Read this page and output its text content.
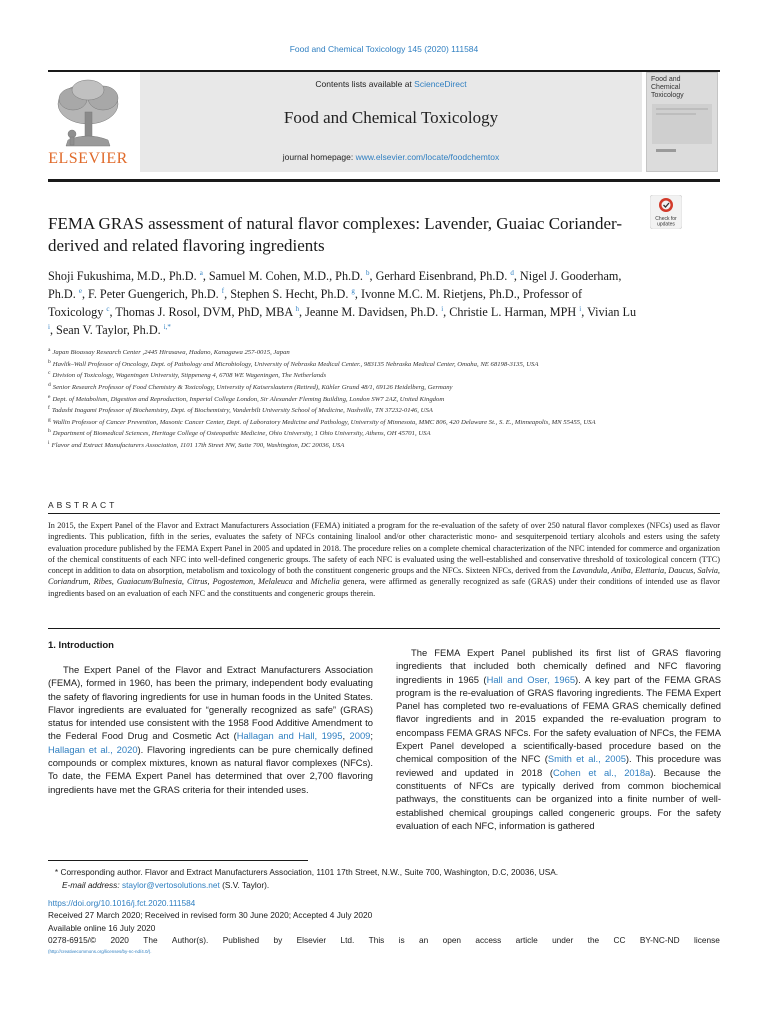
Food and Chemical Toxicology 145 (2020) 111584
ELSEVIER
Contents lists available at ScienceDirect
Food and Chemical Toxicology
journal homepage: www.elsevier.com/locate/foodchemtox
Food and Chemical Toxicology
Check for
updates
FEMA GRAS assessment of natural flavor complexes: Lavender, Guaiac Coriander-derived and related flavoring ingredients
Shoji Fukushima, M.D., Ph.D. $^a$, Samuel M. Cohen, M.D., Ph.D. $^b$, Gerhard Eisenbrand, Ph.D. $^d$, Nigel J. Gooderham, Ph.D. $^e$, F. Peter Guengerich, Ph.D. $^f$, Stephen S. Hecht, Ph.D. $^g$, Ivonne M.C. M. Rietjens, Ph.D., Professor of Toxicology $^c$, Thomas J. Rosol, DVM, PhD, MBA $^h$, Jeanne M. Davidsen, Ph.D. $^i$, Christie L. Harman, MPH $^i$, Vivian Lu $^i$, Sean V. Taylor, Ph.D. $^{i,*}$
$^a$ Japan Bioassay Research Center ,2445 Hirasawa, Hadano, Kanagawa 257-0015, Japan
$^b$ Havlik–Wall Professor of Oncology, Dept. of Pathology and Microbiology, University of Nebraska Medical Center., 983135 Nebraska Medical Center, Omaha, NE 68198-3135, USA
$^c$ Division of Toxicology, Wageningen University, Stippeneng 4, 6708 WE Wageningen, The Netherlands
$^d$ Senior Research Professor of Food Chemistry & Toxicology, University of Kaiserslautern (Retired), Kühler Grund 48/1, 69126 Heidelberg, Germany
$^e$ Dept. of Metabolism, Digestion and Reproduction, Imperial College London, Sir Alexander Fleming Building, London SW7 2AZ, United Kingdom
$^f$ Tadashi Inagami Professor of Biochemistry, Dept. of Biochemistry, Vanderbilt University School of Medicine, Nashville, TN 37232-0146, USA
$^g$ Wallin Professor of Cancer Prevention, Masonic Cancer Center, Dept. of Laboratory Medicine and Pathology, University of Minnesota, MMC 806, 420 Delaware St., S. E., Minneapolis, MN 55455, USA
$^h$ Department of Biomedical Sciences, Heritage College of Osteopathic Medicine, Ohio University, 1 Ohio University, Athens, OH 45701, USA
$^i$ Flavor and Extract Manufacturers Association, 1101 17th Street NW, Suite 700, Washington, DC 20036, USA
ABSTRACT
In 2015, the Expert Panel of the Flavor and Extract Manufacturers Association (FEMA) initiated a program for the re-evaluation of the safety of over 250 natural flavor complexes (NFCs) used as flavor ingredients. This publication, fifth in the series, evaluates the safety of NFCs containing linalool and/or other characteristic mono- and sesquiterpenoid tertiary alcohols and esters using the safety evaluation procedure published by the FEMA Expert Panel in 2005 and updated in 2018. The procedure relies on a complete chemical characterization of the NFC intended for commerce and organization of the chemical constituents of each NFC into well-defined congeneric groups. The safety of each NFC is evaluated using the well-established and conservative threshold of toxicological concern (TTC) concept in addition to data on absorption, metabolism and toxicology of both the constituent congeneric groups and the NFCs. Sixteen NFCs, derived from the Lavandula, Aniba, Elettaria, Daucus, Salvia, Coriandrum, Ribes, Guaiacum/Bulnesia, Citrus, Pogostemon, Melaleuca and Michelia genera, were affirmed as generally recognized as safe (GRAS) under their conditions of intended use as flavor ingredients based on an evaluation of each NFC and the constituents and congeneric groups therein.
1. Introduction
The Expert Panel of the Flavor and Extract Manufacturers Association (FEMA), formed in 1960, has been the primary, independent body evaluating the safety of flavoring ingredients for use in human foods in the United States. Flavor ingredients are evaluated for “generally recognized as safe” (GRAS) status for intended use consistent with the 1958 Food Additive Amendment to the Federal Food Drug and Cosmetic Act (Hallagan and Hall, 1995, 2009; Hallagan et al., 2020). Flavoring ingredients can be pure chemically defined compounds or complex mixtures, known as natural flavor complexes (NFCs). To date, the FEMA Expert Panel has determined that over 2,700 flavoring ingredients have met the GRAS criteria for their intended uses.
The FEMA Expert Panel published its first list of GRAS flavoring ingredients that included both chemically defined and NFC flavoring ingredients in 1965 (Hall and Oser, 1965). A key part of the FEMA GRAS program is the re-evaluation of GRAS flavoring ingredients. The FEMA Expert Panel has completed two re-evaluations of FEMA GRAS chemically defined flavor ingredients and in 2015 expanded the re-evaluation program to encompass FEMA GRAS NFCs. For the safety evaluation of NFCs, the FEMA Expert Panel developed a scientifically-based procedure based on the chemical composition of the NFC (Smith et al., 2005). This procedure was reviewed and updated in 2018 (Cohen et al., 2018a). Because the constituents of NFCs are typically derived from common biochemical pathways, the constituents can be organized into a finite number of well-established chemical groupings called congeneric groups. For the safety evaluation of each NFC, information is gathered
* Corresponding author. Flavor and Extract Manufacturers Association, 1101 17th Street, N.W., Suite 700, Washington, D.C, 20036, USA.
E-mail address: staylor@vertosolutions.net (S.V. Taylor).
https://doi.org/10.1016/j.fct.2020.111584
Received 27 March 2020; Received in revised form 30 June 2020; Accepted 4 July 2020
Available online 16 July 2020
0278-6915/© 2020 The Author(s). Published by Elsevier Ltd. This is an open access article under the CC BY-NC-ND license
(http://creativecommons.org/licenses/by-nc-nd/4.0/).
